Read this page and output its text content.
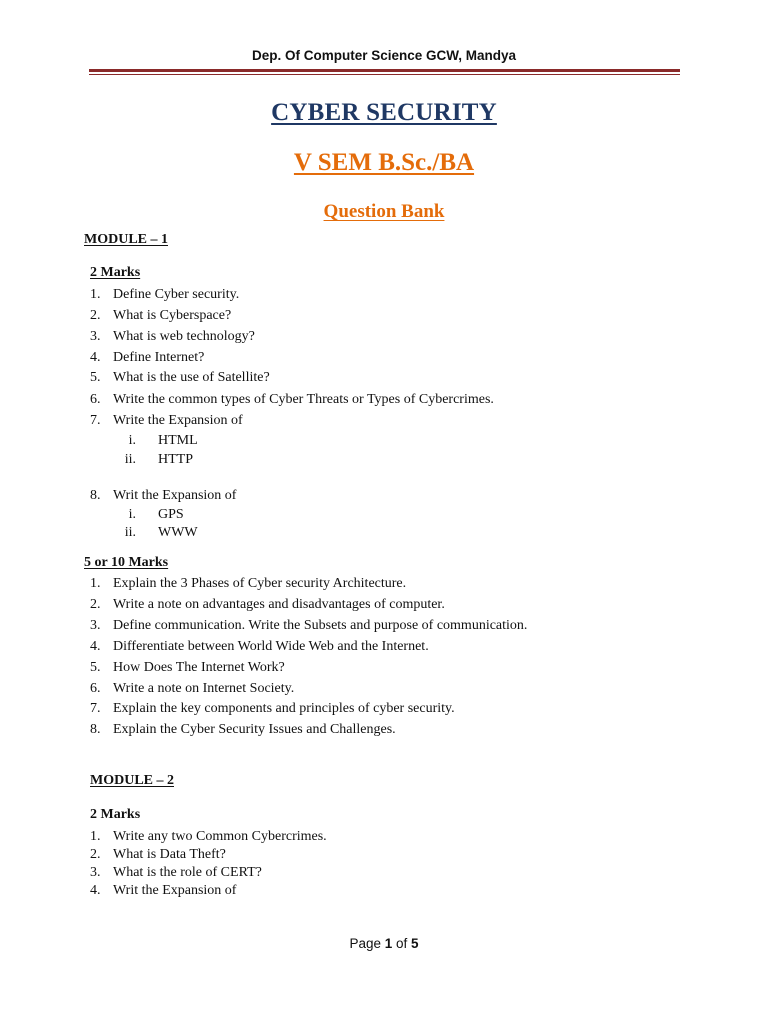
Dep. Of Computer Science GCW, Mandya
CYBER SECURITY
V SEM B.Sc./BA
Question Bank
MODULE – 1
2 Marks
1. Define Cyber security.
2. What is Cyberspace?
3. What is web technology?
4. Define Internet?
5. What is the use of Satellite?
6. Write the common types of Cyber Threats or Types of Cybercrimes.
7. Write the Expansion of
i. HTML
ii. HTTP
8. Writ the Expansion of
i. GPS
ii. WWW
5 or 10 Marks
1. Explain the 3 Phases of Cyber security Architecture.
2. Write a note on advantages and disadvantages of computer.
3. Define communication. Write the Subsets and purpose of communication.
4. Differentiate between World Wide Web and the Internet.
5. How Does The Internet Work?
6. Write a note on Internet Society.
7. Explain the key components and principles of cyber security.
8. Explain the Cyber Security Issues and Challenges.
MODULE – 2
2 Marks
1. Write any two Common Cybercrimes.
2. What is Data Theft?
3. What is the role of CERT?
4. Writ the Expansion of
Page 1 of 5
